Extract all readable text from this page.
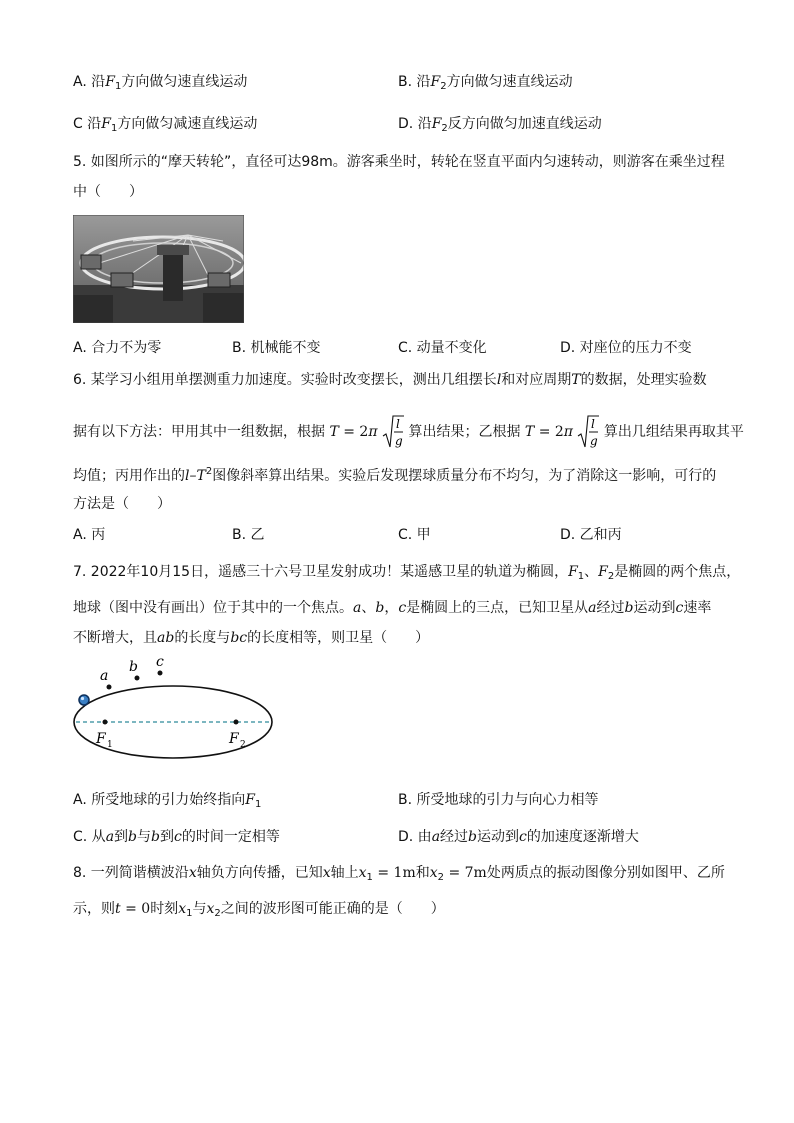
A. 沿$F_1$方向做匀速直线运动	B. 沿$F_2$方向做匀速直线运动
C 沿$F_1$方向做匀减速直线运动	D. 沿$F_2$反方向做匀加速直线运动
5. 如图所示的“摩天转轮”，直径可达98m。游客乘坐时，转轮在竖直平面内匀速转动，则游客在乘坐过程
中（　　）
A. 合力不为零	B. 机械能不变	C. 动量不变化	D. 对座位的压力不变
6. 某学习小组用单摆测重力加速度。实验时改变摆长，测出几组摆长l和对应周期T的数据，处理实验数
据有以下方法：甲用其中一组数据，根据 T = 2π l
g
算出结果；乙根据 T = 2π l
g
算出几组结果再取其平
均值；丙用作出的$l-T^2$图像斜率算出结果。实验后发现摆球质量分布不均匀，为了消除这一影响，可行的
方法是（　　）
A. 丙	B. 乙	C. 甲	D. 乙和丙
7. 2022年10月15日，遥感三十六号卫星发射成功！某遥感卫星的轨道为椭圆，$F_1$、$F_2$是椭圆的两个焦点，
地球（图中没有画出）位于其中的一个焦点。a、b，c是椭圆上的三点，已知卫星从a经过b运动到c速率
不断增大，且ab的长度与bc的长度相等，则卫星（　　）
a
b c
F 1	F 2
A. 所受地球的引力始终指向$F_1$	B. 所受地球的引力与向心力相等
C. 从a到b与b到c的时间一定相等	D. 由a经过b运动到c的加速度逐渐增大
8. 一列简谐横波沿x轴负方向传播，已知x轴上$x_1 = 1m$和$x_2 = 7m$处两质点的振动图像分别如图甲、乙所
示，则t = 0时刻$x_1$与$x_2$之间的波形图可能正确的是（　　）
